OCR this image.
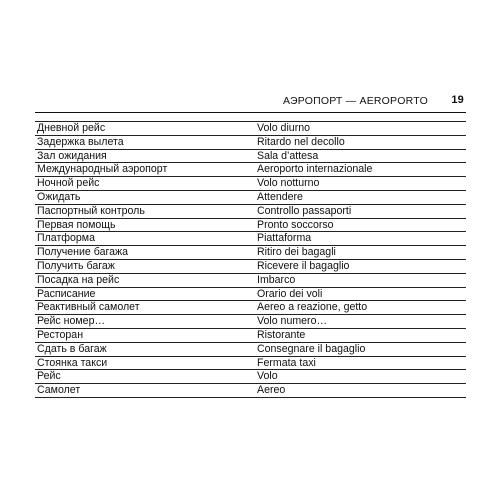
АЭРОПОРТ — AEROPORTO 19
Дневной рейс	Volo diurno
Задержка вылета	Ritardo nel decollo
Зал ожидания	Sala d’attesa
Международный аэропорт	Aeroporto internazionale
Ночной рейс	Volo notturno
Ожидать	Attendere
Паспортный контроль	Controllo passaporti
Первая помощь	Pronto soccorso
Платформа	Piattaforma
Получение багажа	Ritiro dei bagagli
Получить багаж	Ricevere il bagaglio
Посадка на рейс	Imbarco
Расписание	Orario dei voli
Реактивный самолет	Aereo a reazione, getto
Рейс номер…	Volo numero…
Ресторан	Ristorante
Сдать в багаж	Consegnare il bagaglio
Стоянка такси	Fermata taxi
Рейс	Volo
Самолет	Aereo
